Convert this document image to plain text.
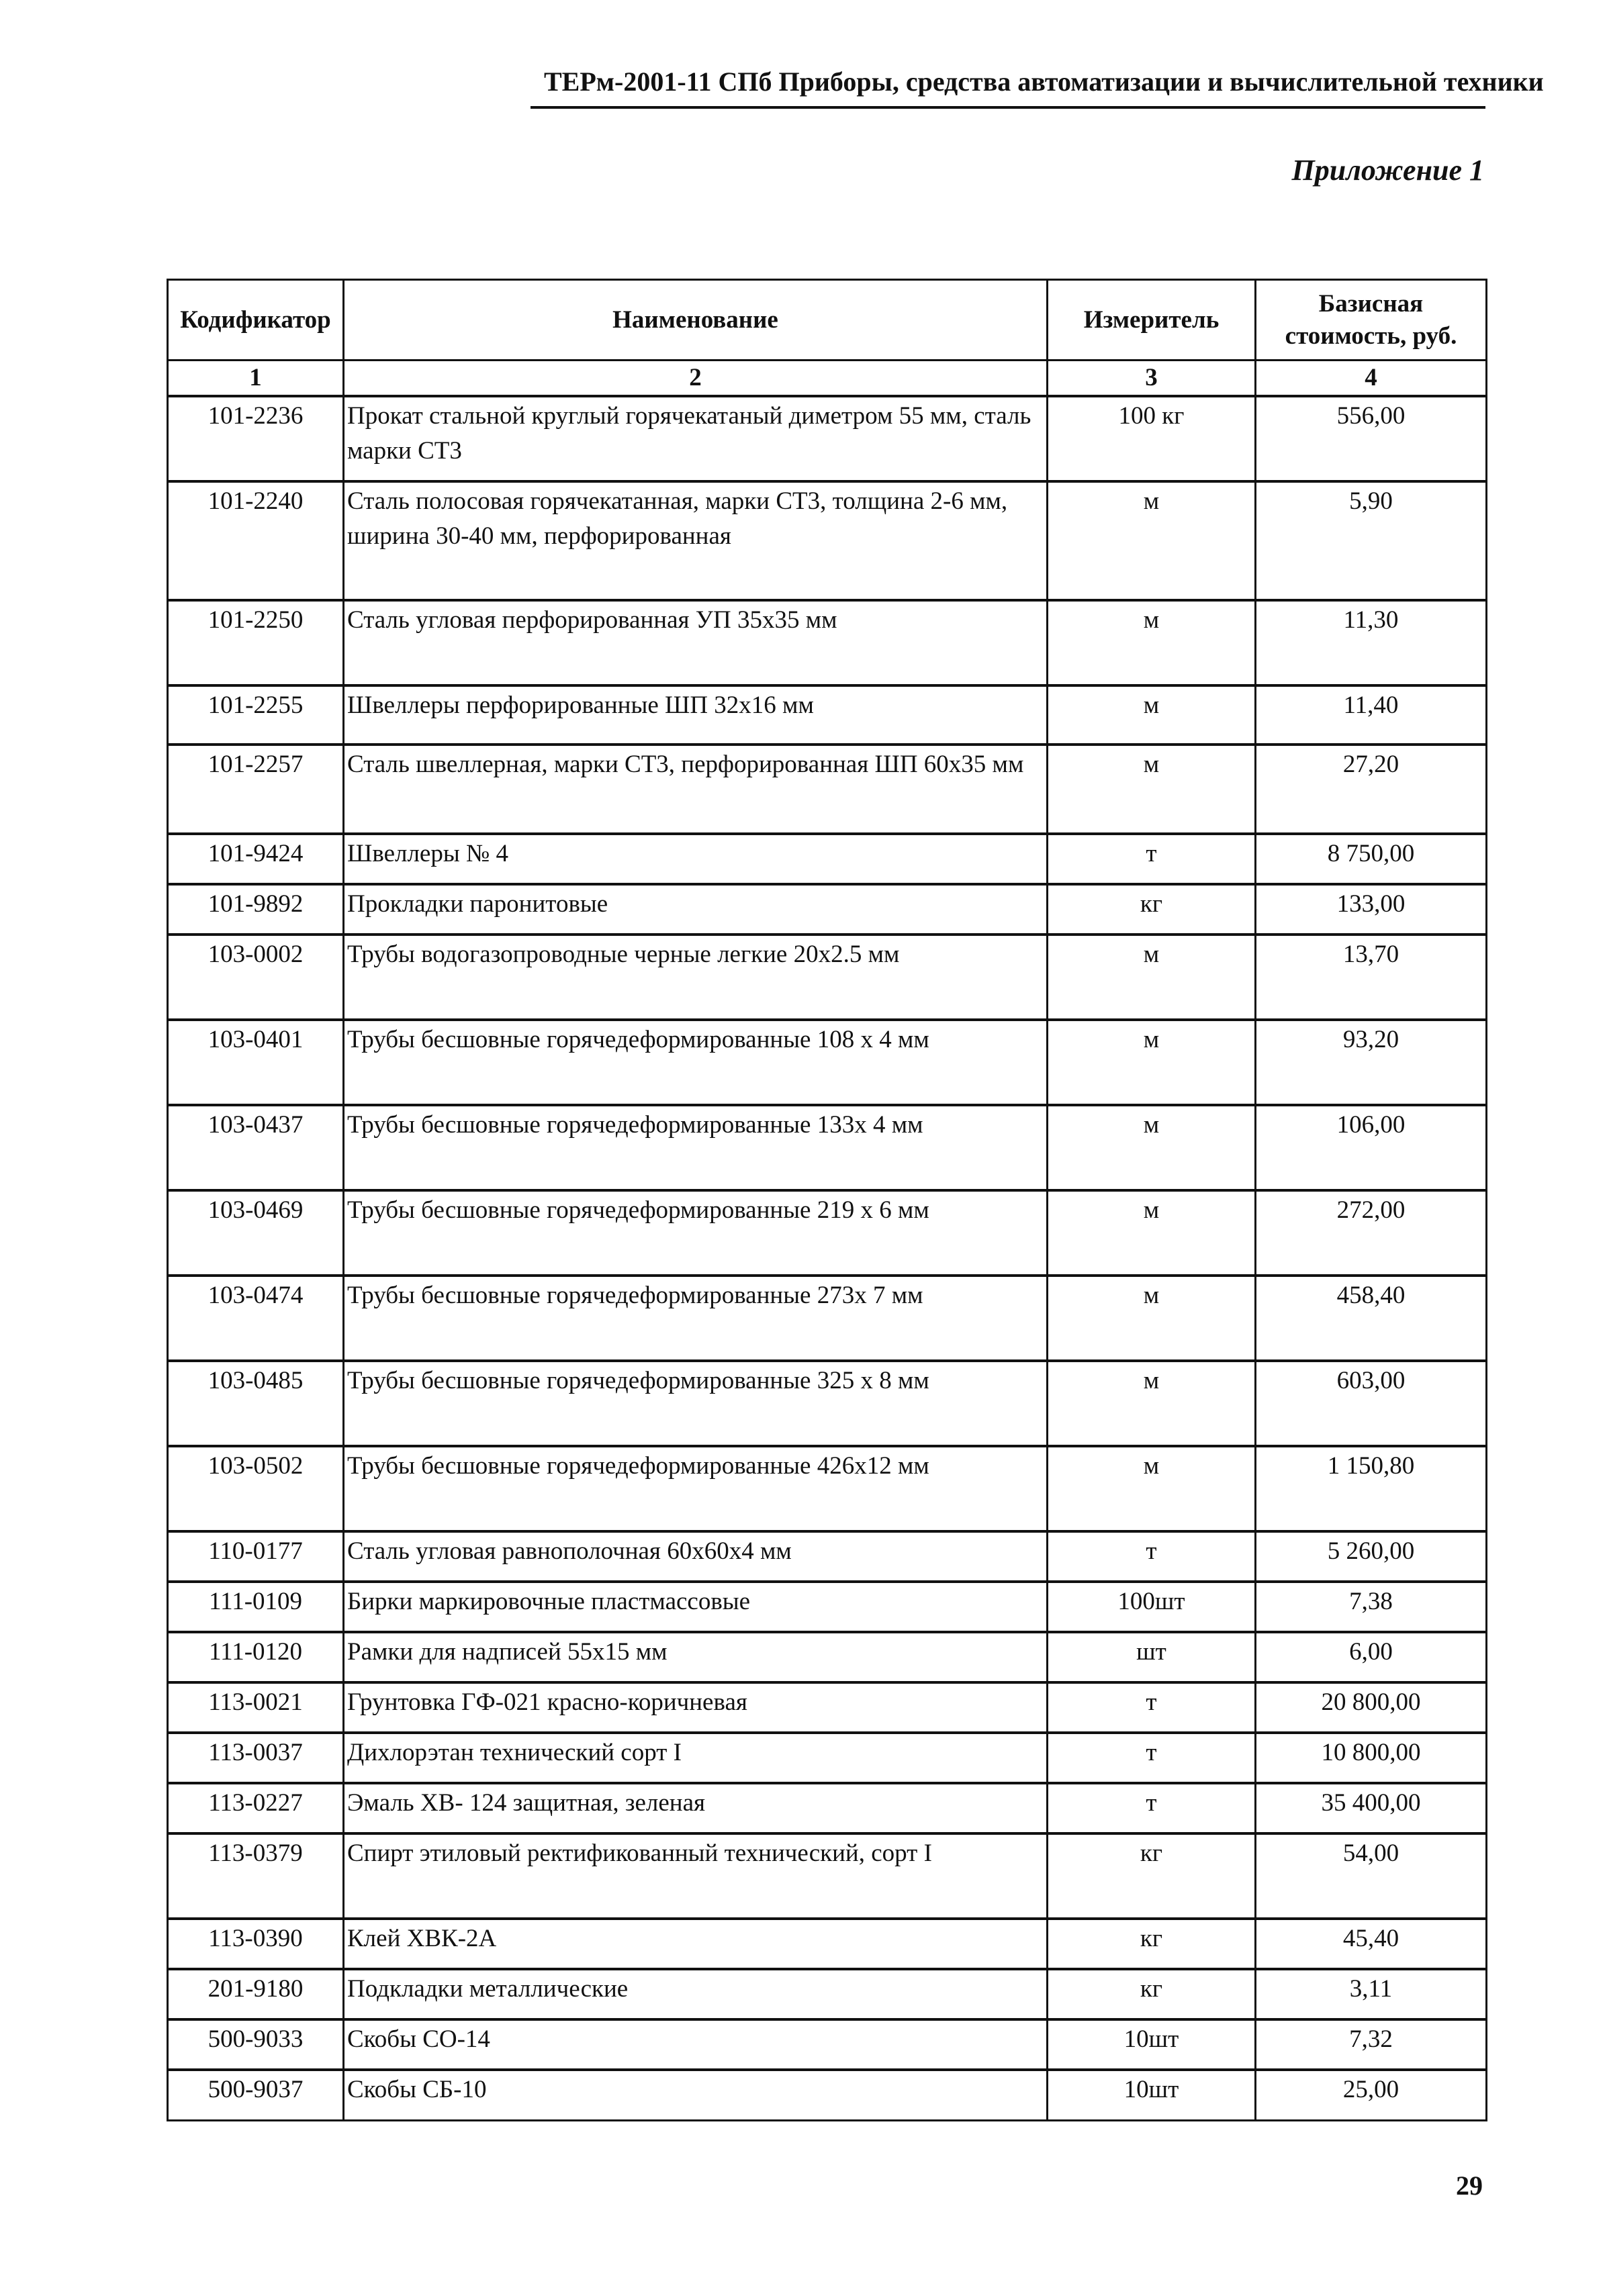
ТЕРм-2001-11 СПб Приборы, средства автоматизации и вычислительной техники
Приложение 1
Кодификатор	Наименование	Измеритель	Базисная стоимость, руб.
1	2	3	4
101-2236	Прокат стальной круглый горячекатаный диметром 55 мм, сталь марки СТ3	100 кг	556,00
101-2240	Сталь полосовая горячекатанная, марки СТ3, толщина 2-6 мм, ширина 30-40 мм, перфорированная	м	5,90
101-2250	Сталь угловая перфорированная УП 35х35 мм	м	11,30
101-2255	Швеллеры перфорированные ШП 32х16 мм	м	11,40
101-2257	Сталь швеллерная, марки СТ3, перфорированная ШП 60х35 мм	м	27,20
101-9424	Швеллеры № 4	т	8 750,00
101-9892	Прокладки паронитовые	кг	133,00
103-0002	Трубы водогазопроводные черные легкие 20х2.5 мм	м	13,70
103-0401	Трубы бесшовные горячедеформированные 108 х 4 мм	м	93,20
103-0437	Трубы бесшовные горячедеформированные 133х 4 мм	м	106,00
103-0469	Трубы бесшовные горячедеформированные 219 х 6 мм	м	272,00
103-0474	Трубы бесшовные горячедеформированные 273х 7 мм	м	458,40
103-0485	Трубы бесшовные горячедеформированные 325 х 8 мм	м	603,00
103-0502	Трубы бесшовные горячедеформированные 426х12 мм	м	1 150,80
110-0177	Сталь угловая равнополочная 60х60х4 мм	т	5 260,00
111-0109	Бирки маркировочные пластмассовые	100шт	7,38
111-0120	Рамки для надписей 55х15 мм	шт	6,00
113-0021	Грунтовка ГФ-021 красно-коричневая	т	20 800,00
113-0037	Дихлорэтан технический сорт I	т	10 800,00
113-0227	Эмаль ХВ- 124 защитная, зеленая	т	35 400,00
113-0379	Спирт этиловый ректификованный технический, сорт I	кг	54,00
113-0390	Клей ХВК-2А	кг	45,40
201-9180	Подкладки металлические	кг	3,11
500-9033	Скобы СО-14	10шт	7,32
500-9037	Скобы СБ-10	10шт	25,00
29
